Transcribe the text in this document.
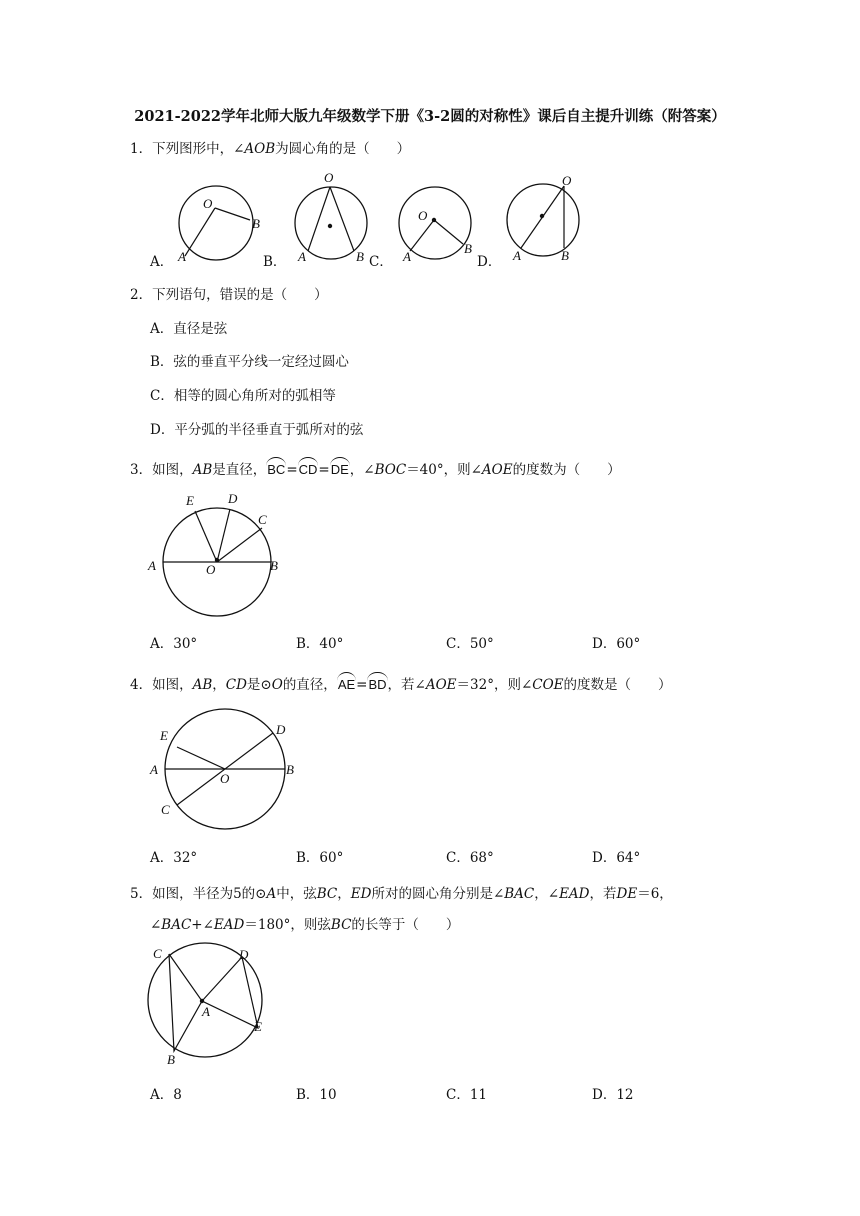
2021-2022学年北师大版九年级数学下册《3-2圆的对称性》课后自主提升训练（附答案）
1．下列图形中，∠AOB为圆心角的是（　　）
O
B
A
O
A	B
O
A
B
O
A	B
A．	B．	C．	D．
2．下列语句，错误的是（　　）
A．直径是弦
B．弦的垂直平分线一定经过圆心
C．相等的圆心角所对的弧相等
D．平分弧的半径垂直于弧所对的弦
3．如图，AB是直径，BC=CD=DE，∠BOC＝40°，则∠AOE的度数为（　　）
E	D
C
A	O	B
A．30°	B．40°	C．50°	D．60°
4．如图，AB，CD是⊙O的直径，AE=BD，若∠AOE＝32°，则∠COE的度数是（　　）
E	D
A
O
B
C
A．32°	B．60°	C．68°	D．64°
5．如图，半径为5的⊙A中，弦BC，ED所对的圆心角分别是∠BAC，∠EAD，若DE＝6，
∠BAC+∠EAD＝180°，则弦BC的长等于（　　）
C	D
A
E
B
A．8	B．10	C．11	D．12
